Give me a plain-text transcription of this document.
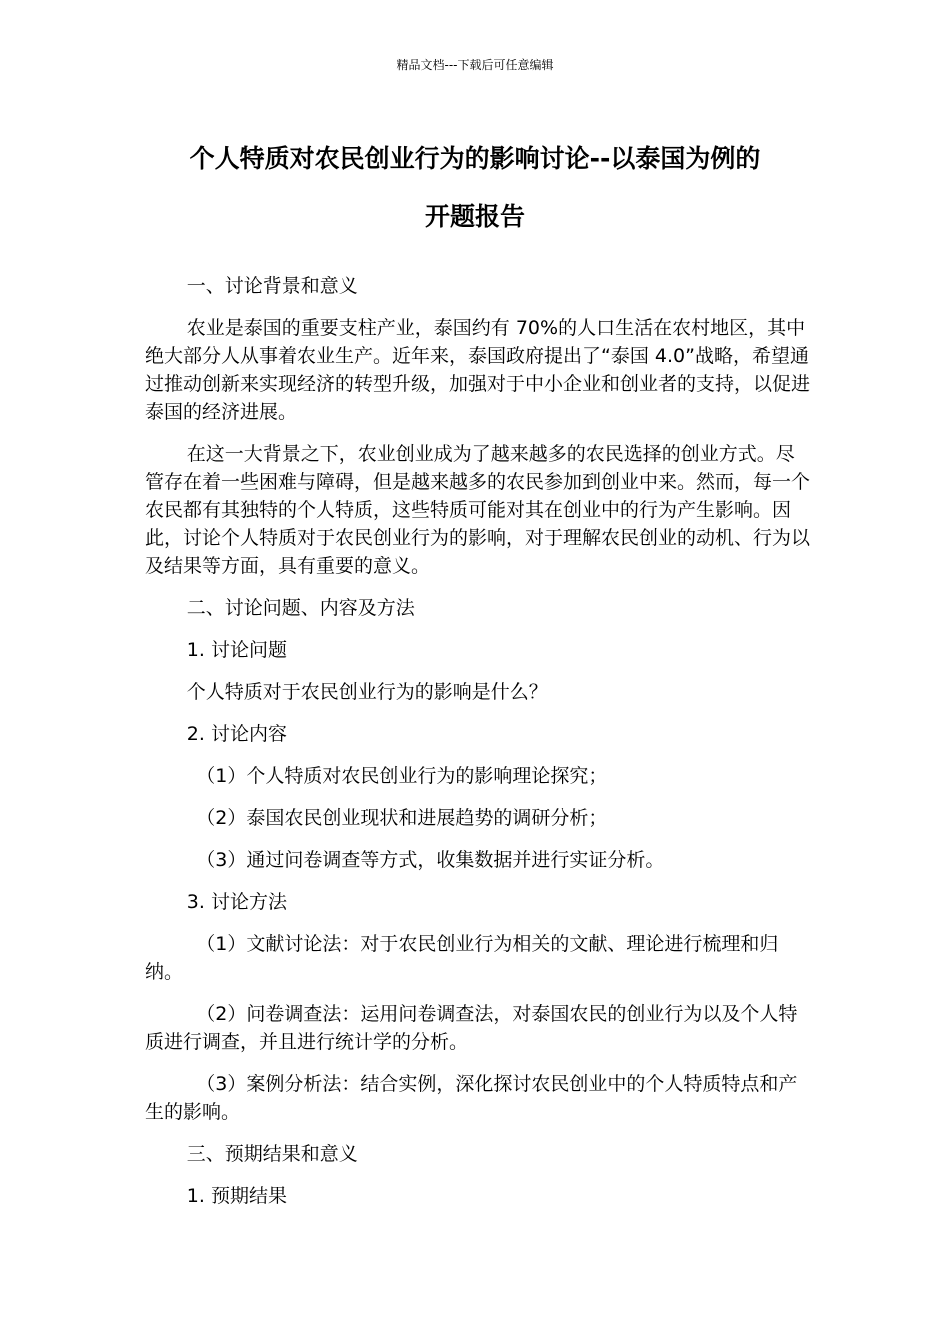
精品文档---下载后可任意编辑
个人特质对农民创业行为的影响讨论--以泰国为例的
开题报告

一、讨论背景和意义

农业是泰国的重要支柱产业，泰国约有 70%的人口生活在农村地区，其中绝大部分人从事着农业生产。近年来，泰国政府提出了“泰国 4.0”战略，希望通过推动创新来实现经济的转型升级，加强对于中小企业和创业者的支持，以促进泰国的经济进展。

在这一大背景之下，农业创业成为了越来越多的农民选择的创业方式。尽管存在着一些困难与障碍，但是越来越多的农民参加到创业中来。然而，每一个农民都有其独特的个人特质，这些特质可能对其在创业中的行为产生影响。因此，讨论个人特质对于农民创业行为的影响，对于理解农民创业的动机、行为以及结果等方面，具有重要的意义。

二、讨论问题、内容及方法

1. 讨论问题

个人特质对于农民创业行为的影响是什么？

2. 讨论内容

（1）个人特质对农民创业行为的影响理论探究；

（2）泰国农民创业现状和进展趋势的调研分析；

（3）通过问卷调查等方式，收集数据并进行实证分析。

3. 讨论方法

（1）文献讨论法：对于农民创业行为相关的文献、理论进行梳理和归纳。

（2）问卷调查法：运用问卷调查法，对泰国农民的创业行为以及个人特质进行调查，并且进行统计学的分析。

（3）案例分析法：结合实例，深化探讨农民创业中的个人特质特点和产生的影响。

三、预期结果和意义

1. 预期结果
